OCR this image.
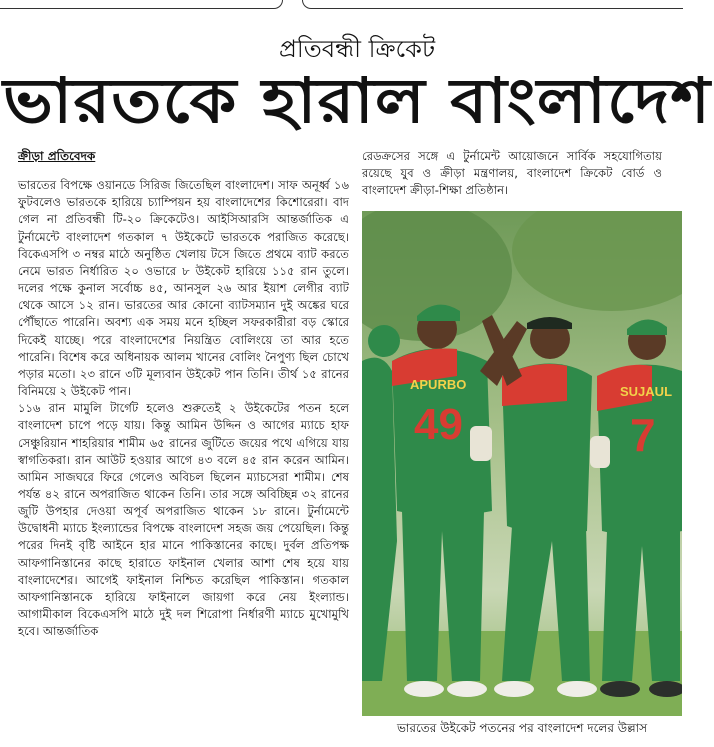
প্রতিবন্ধী ক্রিকেট
ভারতকে হারাল বাংলাদেশ
ক্রীড়া প্রতিবেদক

ভারতের বিপক্ষে ওয়ানডে সিরিজ জিতেছিল বাংলাদেশ। সাফ অনূর্ধ্ব ১৬ ফুটবলেও ভারতকে হারিয়ে চ্যাম্পিয়ন হয় বাংলাদেশের কিশোরেরা। বাদ গেল না প্রতিবন্ধী টি-২০ ক্রিকেটেও। আইসিআরসি আন্তর্জাতিক এ টুর্নামেন্টে বাংলাদেশ গতকাল ৭ উইকেটে ভারতকে পরাজিত করেছে। বিকেএসপি ৩ নম্বর মাঠে অনুষ্ঠিত খেলায় টসে জিতে প্রথমে ব্যাট করতে নেমে ভারত নির্ধারিত ২০ ওভারে ৮ উইকেট হারিয়ে ১১৫ রান তুলে। দলের পক্ষে কুনাল সর্বোচ্চ ৪৫, আনসুল ২৬ আর ইয়াশ লেগীর ব্যাট থেকে আসে ১২ রান। ভারতের আর কোনো ব্যাটসম্যান দুই অঙ্কের ঘরে পৌঁছাতে পারেনি। অবশ্য এক সময় মনে হচ্ছিল সফরকারীরা বড় স্কোরে দিকেই যাচ্ছে। পরে বাংলাদেশের নিয়ন্ত্রিত বোলিংয়ে তা আর হতে পারেনি। বিশেষ করে অধিনায়ক আলম খানের বোলিং নৈপুণ্য ছিল চোখে পড়ার মতো। ২৩ রানে ৩টি মূল্যবান উইকেট পান তিনি। তীর্থ ১৫ রানের বিনিময়ে ২ উইকেট পান।

১১৬ রান মামুলি টার্গেট হলেও শুরুতেই ২ উইকেটের পতন হলে বাংলাদেশ চাপে পড়ে যায়। কিন্তু আমিন উদ্দিন ও আগের ম্যাচে হাফ সেঞ্চুরিয়ান শাহরিয়ার শামীম ৬৫ রানের জুটিতে জয়ের পথে এগিয়ে যায় স্বাগতিকরা। রান আউট হওয়ার আগে ৪৩ বলে ৪৫ রান করেন আমিন। আমিন সাজঘরে ফিরে গেলেও অবিচল ছিলেন ম্যাচসেরা শামীম। শেষ পর্যন্ত ৪২ রানে অপরাজিত থাকেন তিনি। তার সঙ্গে অবিচ্ছিন্ন ৩২ রানের জুটি উপহার দেওয়া অপূর্ব অপরাজিত থাকেন ১৮ রানে। টুর্নামেন্টে উদ্বোধনী ম্যাচে ইংল্যান্ডের বিপক্ষে বাংলাদেশ সহজ জয় পেয়েছিল। কিন্তু পরের দিনই বৃষ্টি আইনে হার মানে পাকিস্তানের কাছে। দুর্বল প্রতিপক্ষ আফগানিস্তানের কাছে হারাতে ফাইনাল খেলার আশা শেষ হয়ে যায় বাংলাদেশের। আগেই ফাইনাল নিশ্চিত করেছিল পাকিস্তান। গতকাল আফগানিস্তানকে হারিয়ে ফাইনালে জায়গা করে নেয় ইংল্যান্ড। আগামীকাল বিকেএসপি মাঠে দুই দল শিরোপা নির্ধারণী ম্যাচে মুখোমুখি হবে। আন্তর্জাতিক

রেডক্রসের সঙ্গে এ টুর্নামেন্ট আয়োজনে সার্বিক সহযোগিতায় রয়েছে যুব ও ক্রীড়া মন্ত্রণালয়, বাংলাদেশ ক্রিকেট বোর্ড ও বাংলাদেশ ক্রীড়া-শিক্ষা প্রতিষ্ঠান।

APURBO
49
SUJAUL
7
ভারতের উইকেট পতনের পর বাংলাদেশ দলের উল্লাস
